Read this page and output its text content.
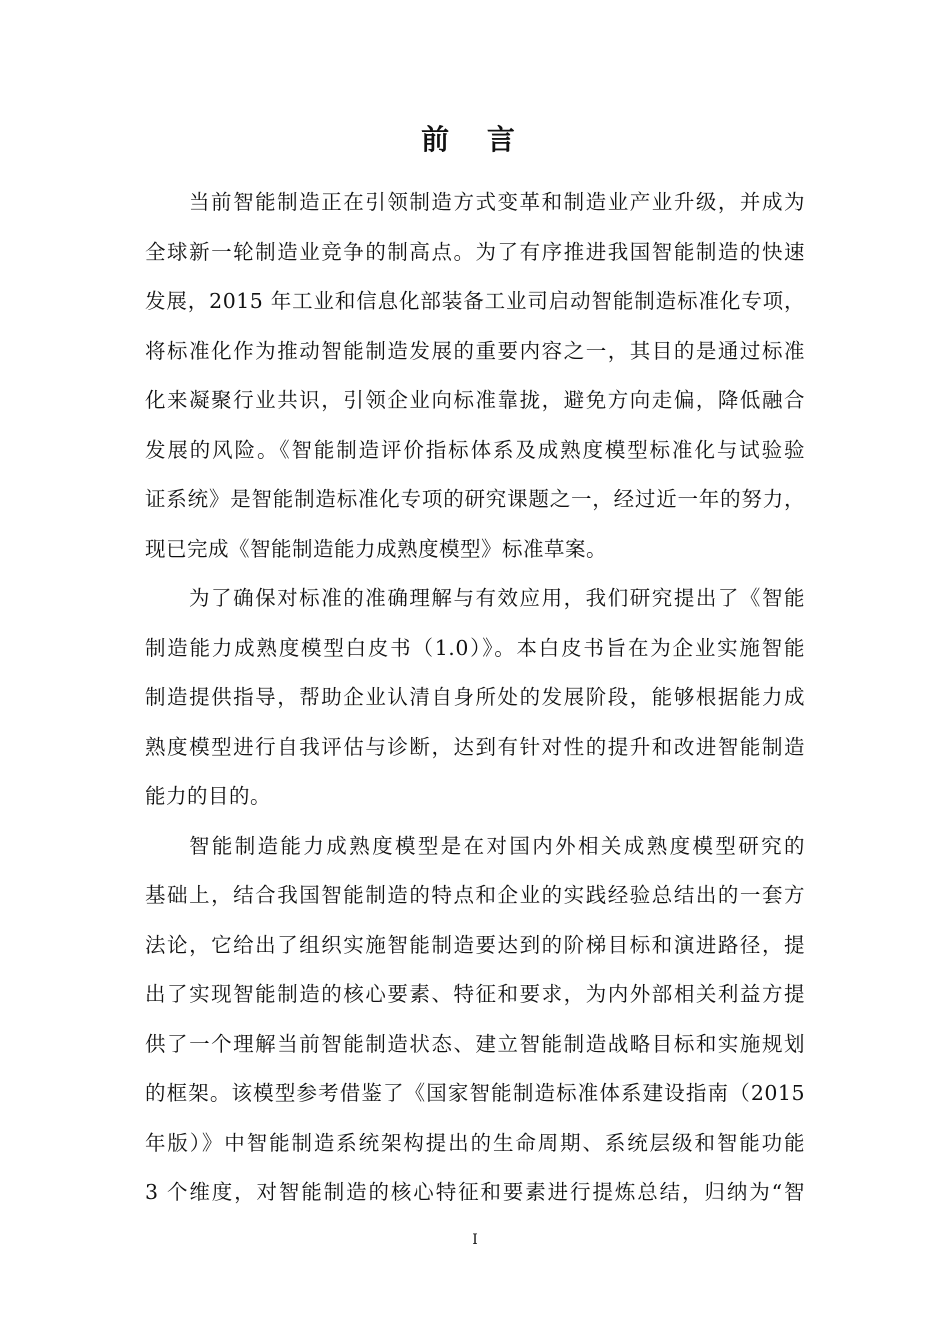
前 言
当前智能制造正在引领制造方式变革和制造业产业升级，并成为
全球新一轮制造业竞争的制高点。为了有序推进我国智能制造的快速
发展，2015 年工业和信息化部装备工业司启动智能制造标准化专项，
将标准化作为推动智能制造发展的重要内容之一，其目的是通过标准
化来凝聚行业共识，引领企业向标准靠拢，避免方向走偏，降低融合
发展的风险。《智能制造评价指标体系及成熟度模型标准化与试验验
证系统》是智能制造标准化专项的研究课题之一，经过近一年的努力，
现已完成《智能制造能力成熟度模型》标准草案。
为了确保对标准的准确理解与有效应用，我们研究提出了《智能
制造能力成熟度模型白皮书（1.0）》。本白皮书旨在为企业实施智能
制造提供指导，帮助企业认清自身所处的发展阶段，能够根据能力成
熟度模型进行自我评估与诊断，达到有针对性的提升和改进智能制造
能力的目的。
智能制造能力成熟度模型是在对国内外相关成熟度模型研究的
基础上，结合我国智能制造的特点和企业的实践经验总结出的一套方
法论，它给出了组织实施智能制造要达到的阶梯目标和演进路径，提
出了实现智能制造的核心要素、特征和要求，为内外部相关利益方提
供了一个理解当前智能制造状态、建立智能制造战略目标和实施规划
的框架。该模型参考借鉴了《国家智能制造标准体系建设指南（2015
年版）》中智能制造系统架构提出的生命周期、系统层级和智能功能
3 个维度，对智能制造的核心特征和要素进行提炼总结，归纳为“智
I
